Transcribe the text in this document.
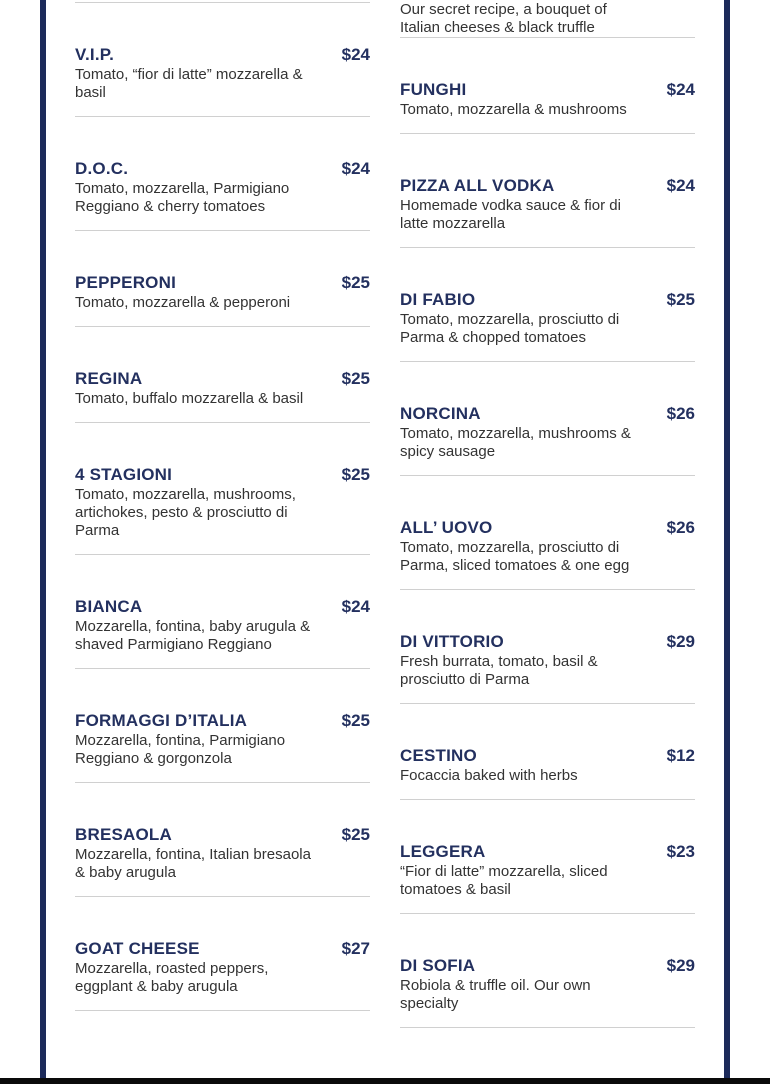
V.I.P.	$24
Tomato, “fior di latte” mozzarella & basil
D.O.C.	$24
Tomato, mozzarella, Parmigiano Reggiano & cherry tomatoes
PEPPERONI	$25
Tomato, mozzarella & pepperoni
REGINA	$25
Tomato, buffalo mozzarella & basil
4 STAGIONI	$25
Tomato, mozzarella, mushrooms, artichokes, pesto & prosciutto di Parma
BIANCA	$24
Mozzarella, fontina, baby arugula & shaved Parmigiano Reggiano
FORMAGGI D’ITALIA	$25
Mozzarella, fontina, Parmigiano Reggiano & gorgonzola
BRESAOLA	$25
Mozzarella, fontina, Italian bresaola & baby arugula
GOAT CHEESE	$27
Mozzarella, roasted peppers, eggplant & baby arugula
Our secret recipe, a bouquet of Italian cheeses & black truffle
FUNGHI	$24
Tomato, mozzarella & mushrooms
PIZZA ALL VODKA	$24
Homemade vodka sauce & fior di latte mozzarella
DI FABIO	$25
Tomato, mozzarella, prosciutto di Parma & chopped tomatoes
NORCINA	$26
Tomato, mozzarella, mushrooms & spicy sausage
ALL’ UOVO	$26
Tomato, mozzarella, prosciutto di Parma, sliced tomatoes & one egg
DI VITTORIO	$29
Fresh burrata, tomato, basil & prosciutto di Parma
CESTINO	$12
Focaccia baked with herbs
LEGGERA	$23
“Fior di latte” mozzarella, sliced tomatoes & basil
DI SOFIA	$29
Robiola & truffle oil. Our own specialty
